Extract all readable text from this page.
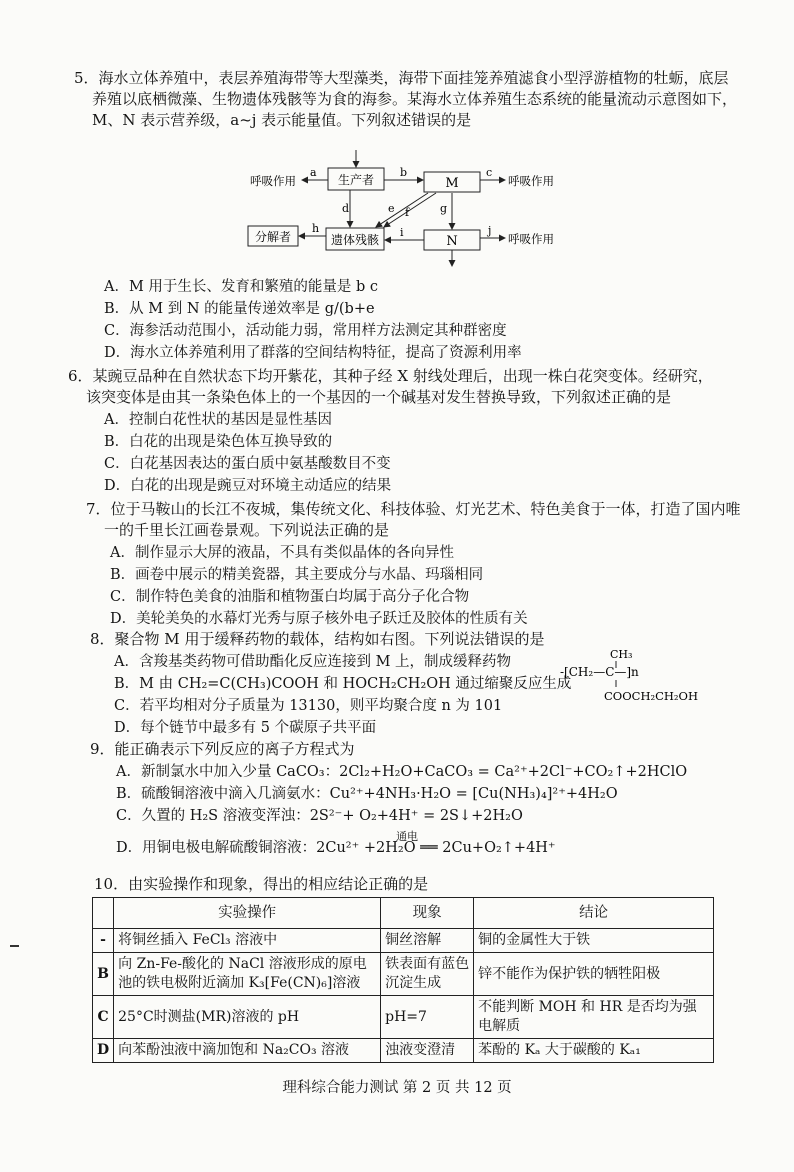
5．海水立体养殖中，表层养殖海带等大型藻类，海带下面挂笼养殖滤食小型浮游植物的牡蛎，底层
养殖以底栖微藻、生物遗体残骸等为食的海参。某海水立体养殖生态系统的能量流动示意图如下，
M、N 表示营养级，a~j 表示能量值。下列叙述错误的是
生产者	M
遗体残骸	N
分解者
呼吸作用	呼吸作用
呼吸作用
a	b	c
d	e f	g
h	i	j
A．M 用于生长、发育和繁殖的能量是 b c
B．从 M 到 N 的能量传递效率是 g/(b+e
C．海参活动范围小，活动能力弱，常用样方法测定其种群密度
D．海水立体养殖利用了群落的空间结构特征，提高了资源利用率
6．某豌豆品种在自然状态下均开紫花，其种子经 X 射线处理后，出现一株白花突变体。经研究，
该突变体是由其一条染色体上的一个基因的一个碱基对发生替换导致，下列叙述正确的是
A．控制白花性状的基因是显性基因
B．白花的出现是染色体互换导致的
C．白花基因表达的蛋白质中氨基酸数目不变
D．白花的出现是豌豆对环境主动适应的结果
7．位于马鞍山的长江不夜城，集传统文化、科技体验、灯光艺术、特色美食于一体，打造了国内唯
一的千里长江画卷景观。下列说法正确的是
A．制作显示大屏的液晶，不具有类似晶体的各向异性
B．画卷中展示的精美瓷器，其主要成分与水晶、玛瑙相同
C．制作特色美食的油脂和植物蛋白均属于高分子化合物
D．美轮美奂的水幕灯光秀与原子核外电子跃迁及胶体的性质有关
8．聚合物 M 用于缓释药物的载体，结构如右图。下列说法错误的是
A．含羧基类药物可借助酯化反应连接到 M 上，制成缓释药物
B．M 由 CH₂=C(CH₃)COOH 和 HOCH₂CH₂OH 通过缩聚反应生成
C．若平均相对分子质量为 13130，则平均聚合度 n 为 101
D．每个链节中最多有 5 个碳原子共平面
CH₃
-[CH₂—C—]n
COOCH₂CH₂OH
9．能正确表示下列反应的离子方程式为
A．新制氯水中加入少量 CaCO₃：2Cl₂+H₂O+CaCO₃ = Ca²⁺+2Cl⁻+CO₂↑+2HClO
B．硫酸铜溶液中滴入几滴氨水：Cu²⁺+4NH₃·H₂O = [Cu(NH₃)₄]²⁺+4H₂O
C．久置的 H₂S 溶液变浑浊：2S²⁻+ O₂+4H⁺ = 2S↓+2H₂O
通电
D．用铜电极电解硫酸铜溶液：2Cu²⁺ +2H₂O ══ 2Cu+O₂↑+4H⁺
10．由实验操作和现象，得出的相应结论正确的是
	实验操作	现象	结论
-	将铜丝插入 FeCl₃ 溶液中	铜丝溶解	铜的金属性大于铁
B	向 Zn-Fe-酸化的 NaCl 溶液形成的原电池的铁电极附近滴加 K₃[Fe(CN)₆]溶液	铁表面有蓝色沉淀生成	锌不能作为保护铁的牺牲阳极
C	25°C时测盐(MR)溶液的 pH	pH=7	不能判断 MOH 和 HR 是否均为强电解质
D	向苯酚浊液中滴加饱和 Na₂CO₃ 溶液	浊液变澄清	苯酚的 Kₐ 大于碳酸的 Kₐ₁
理科综合能力测试 第 2 页 共 12 页
